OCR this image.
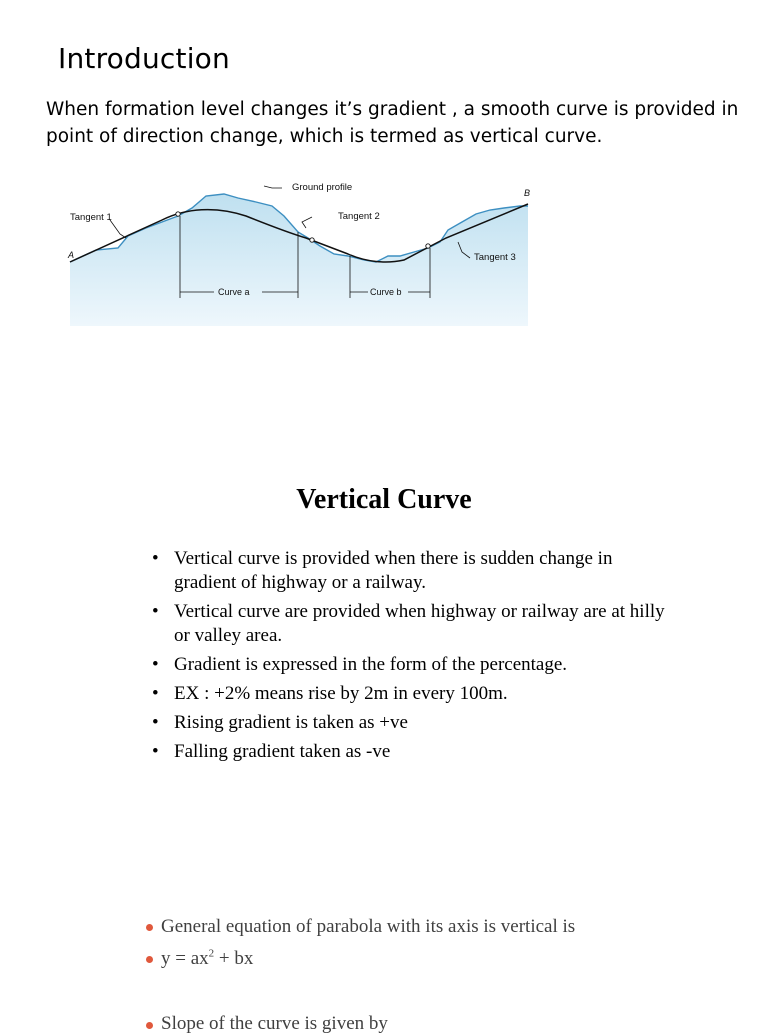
Introduction
When formation level changes it’s gradient , a smooth curve is provided in point of direction change, which is termed as vertical curve.
Ground profile
Tangent 1	Tangent 2
Tangent 3
A
B
Curve a	Curve b
Vertical Curve
• Vertical curve is provided when there is sudden change in gradient of highway or a railway.
• Vertical curve are provided when highway or railway are at hilly or valley area.
• Gradient is expressed in the form of the percentage.
• EX : +2% means rise by 2m in every 100m.
• Rising gradient is taken as +ve
• Falling gradient taken as -ve
General equation of parabola with its axis is vertical is
$y = ax^2$ + bx
Slope of the curve is given by
